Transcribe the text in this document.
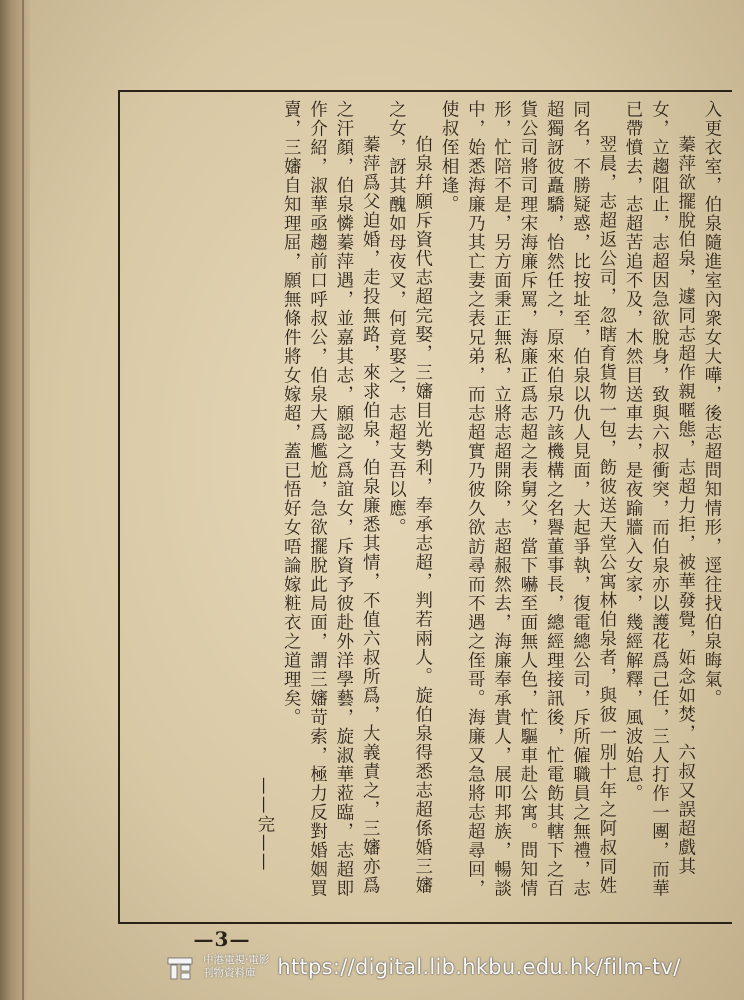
入更衣室，伯泉隨進室內衆女大嘩，後志超問知情形，逕往找伯泉晦氣。

蓁萍欲擺脫伯泉，遽同志超作親暱態，志超力拒，被華發覺，妬念如焚，六叔又誤超戲其女，立趨阻止，志超因急欲脫身，致與六叔衝突，而伯泉亦以護花爲己任，三人打作一團，而華已帶憤去，志超苦追不及，木然目送車去，是夜踰牆入女家，幾經解釋，風波始息。

翌晨，志超返公司，忽瞎育貨物一包，飭彼送天堂公寓林伯泉者，與彼一別十年之阿叔同姓同名，不勝疑惑，比按址至，伯泉以仇人見面，大起爭執，復電總公司，斥所僱職員之無禮，志超獨訝彼矗驕，怡然任之，原來伯泉乃該機構之名譽董事長，總經理接訊後，忙電飭其轄下之百貨公司將司理宋海廉斥罵，海廉正爲志超之表舅父，當下嚇至面無人色，忙驅車赴公寓。問知情形，忙陪不是，另方面秉正無私，立將志超開除，志超赧然去，海廉奉承貴人，展叩邦族，暢談中，始悉海廉乃其亡妻之表兄弟，而志超實乃彼久欲訪尋而不遇之侄哥。海廉又急將志超尋回，使叔侄相逢。

伯泉幷願斥資代志超完娶，三嬸目光勢利，奉承志超，判若兩人。旋伯泉得悉志超係婚三嬸之女，訝其醜如母夜叉，何竟娶之，志超支吾以應。

蓁萍爲父迫婚，走投無路，來求伯泉，伯泉廉悉其情，不值六叔所爲，大義責之，三嬸亦爲之汗顏，伯泉憐蓁萍遇，並嘉其志，願認之爲誼女，斥資予彼赴外洋學藝，旋淑華蒞臨，志超即作介紹，淑華亟趨前口呼叔公，伯泉大爲尷尬，急欲擺脫此局面，謂三嬸苛索，極力反對婚姻買賣，三嬸自知理屈，願無條件將女嫁超，蓋已悟好女唔論嫁粧衣之道理矣。

——完——

—3—
中港電視·電影
刊物資料庫	https://digital.lib.hkbu.edu.hk/film-tv/
